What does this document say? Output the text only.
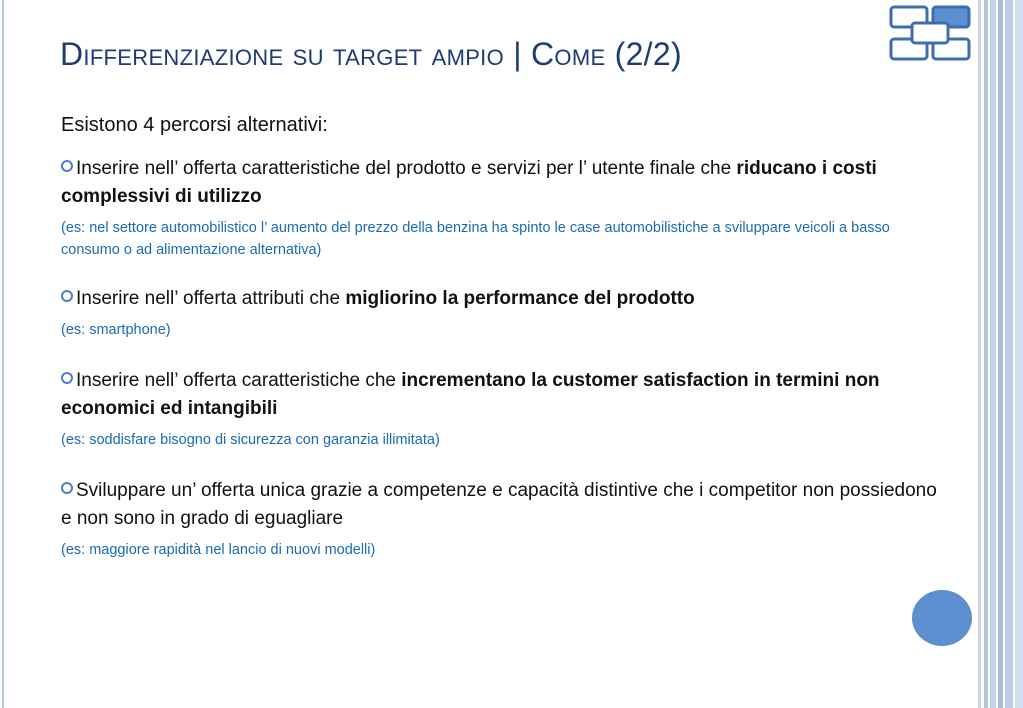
Differenziazione su target ampio | Come (2/2)

Esistono 4 percorsi alternativi:

Inserire nell’ offerta caratteristiche del prodotto e servizi per l’ utente finale che riducano i costi complessivi di utilizzo

(es: nel settore automobilistico l’ aumento del prezzo della benzina ha spinto le case automobilistiche a sviluppare veicoli a basso consumo o ad alimentazione alternativa)

Inserire nell’ offerta attributi che migliorino la performance del prodotto

(es: smartphone)

Inserire nell’ offerta caratteristiche che incrementano la customer satisfaction in termini non economici ed intangibili

(es: soddisfare bisogno di sicurezza con garanzia illimitata)

Sviluppare un’ offerta unica grazie a competenze e capacità distintive che i competitor non possiedono e non sono in grado di eguagliare

(es: maggiore rapidità nel lancio di nuovi modelli)
